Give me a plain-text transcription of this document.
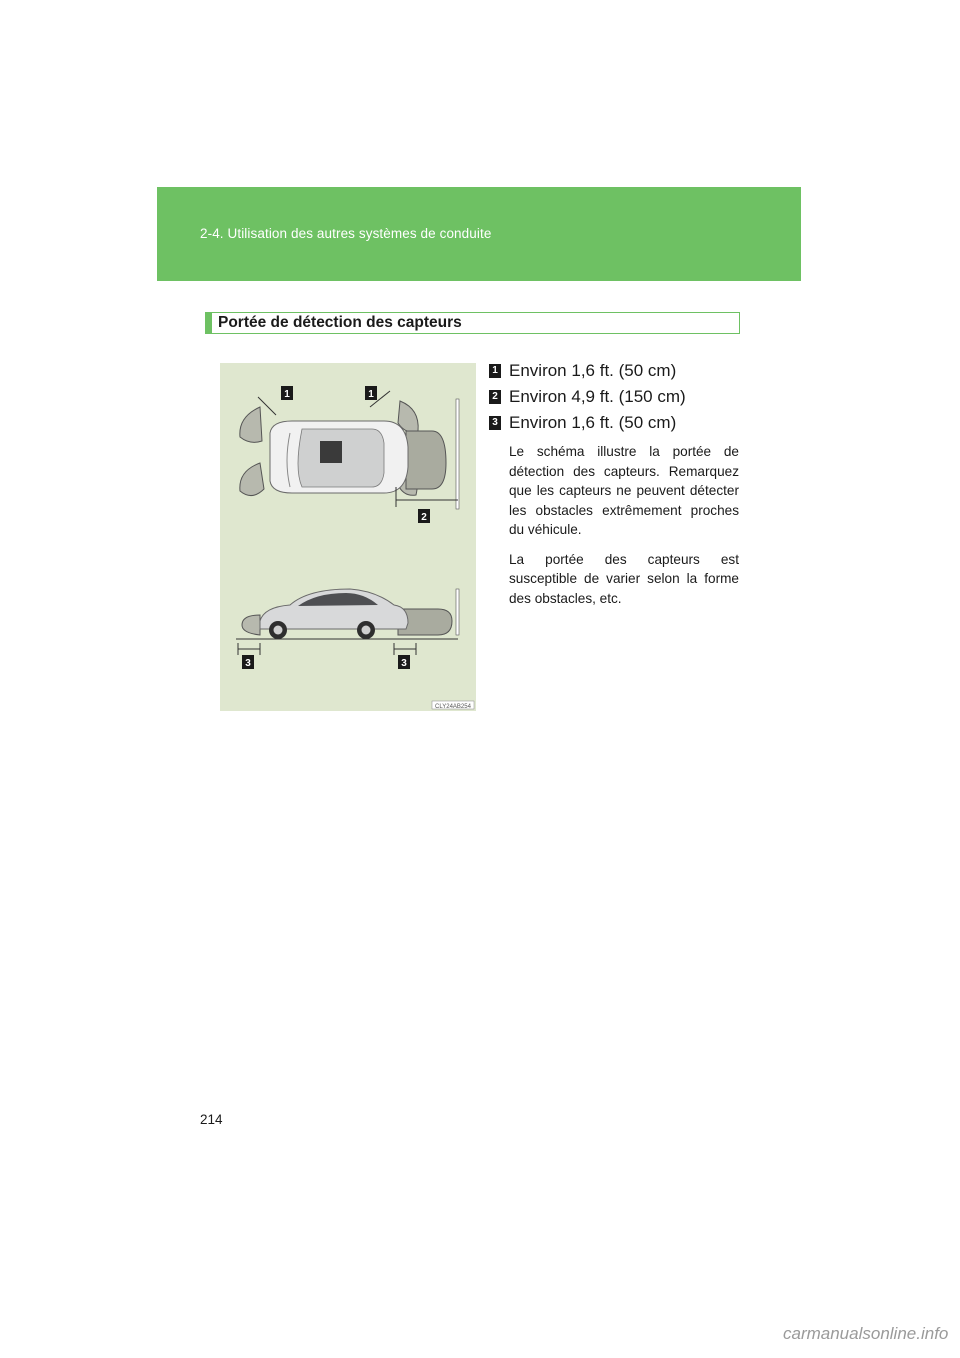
2-4. Utilisation des autres systèmes de conduite
Portée de détection des capteurs
1	1
2
3	3
CLY24AB254
1 Environ 1,6 ft. (50 cm)
2 Environ 4,9 ft. (150 cm)
3 Environ 1,6 ft. (50 cm)

Le schéma illustre la portée de détection des capteurs. Remarquez que les capteurs ne peuvent détecter les obstacles extrêmement proches du véhicule.

La portée des capteurs est susceptible de varier selon la forme des obstacles, etc.

214
carmanualsonline.info
